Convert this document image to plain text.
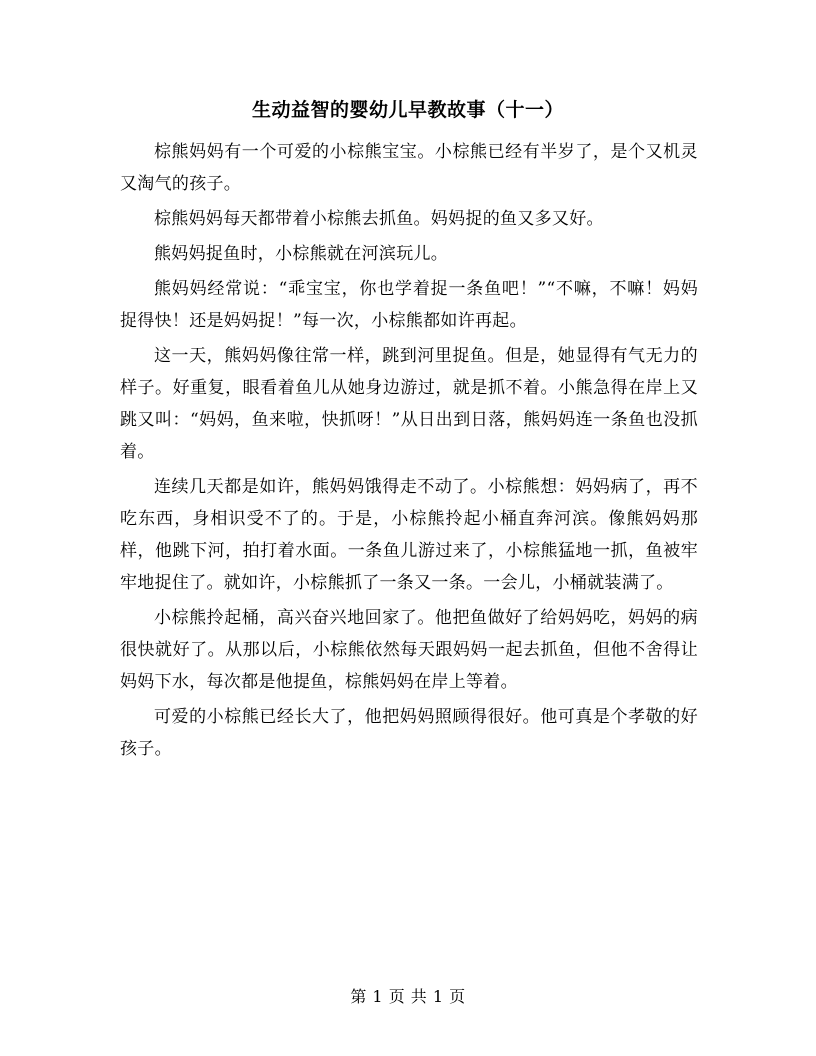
生动益智的婴幼儿早教故事（十一）

棕熊妈妈有一个可爱的小棕熊宝宝。小棕熊已经有半岁了，是个又机灵又淘气的孩子。

棕熊妈妈每天都带着小棕熊去抓鱼。妈妈捉的鱼又多又好。

熊妈妈捉鱼时，小棕熊就在河滨玩儿。

熊妈妈经常说：“乖宝宝，你也学着捉一条鱼吧！”“不嘛，不嘛！妈妈捉得快！还是妈妈捉！”每一次，小棕熊都如许再起。

这一天，熊妈妈像往常一样，跳到河里捉鱼。但是，她显得有气无力的样子。好重复，眼看着鱼儿从她身边游过，就是抓不着。小熊急得在岸上又跳又叫：“妈妈，鱼来啦，快抓呀！”从日出到日落，熊妈妈连一条鱼也没抓着。

连续几天都是如许，熊妈妈饿得走不动了。小棕熊想：妈妈病了，再不吃东西，身相识受不了的。于是，小棕熊拎起小桶直奔河滨。像熊妈妈那样，他跳下河，拍打着水面。一条鱼儿游过来了，小棕熊猛地一抓，鱼被牢牢地捉住了。就如许，小棕熊抓了一条又一条。一会儿，小桶就装满了。

小棕熊拎起桶，高兴奋兴地回家了。他把鱼做好了给妈妈吃，妈妈的病很快就好了。从那以后，小棕熊依然每天跟妈妈一起去抓鱼，但他不舍得让妈妈下水，每次都是他提鱼，棕熊妈妈在岸上等着。

可爱的小棕熊已经长大了，他把妈妈照顾得很好。他可真是个孝敬的好孩子。

第 1 页 共 1 页
